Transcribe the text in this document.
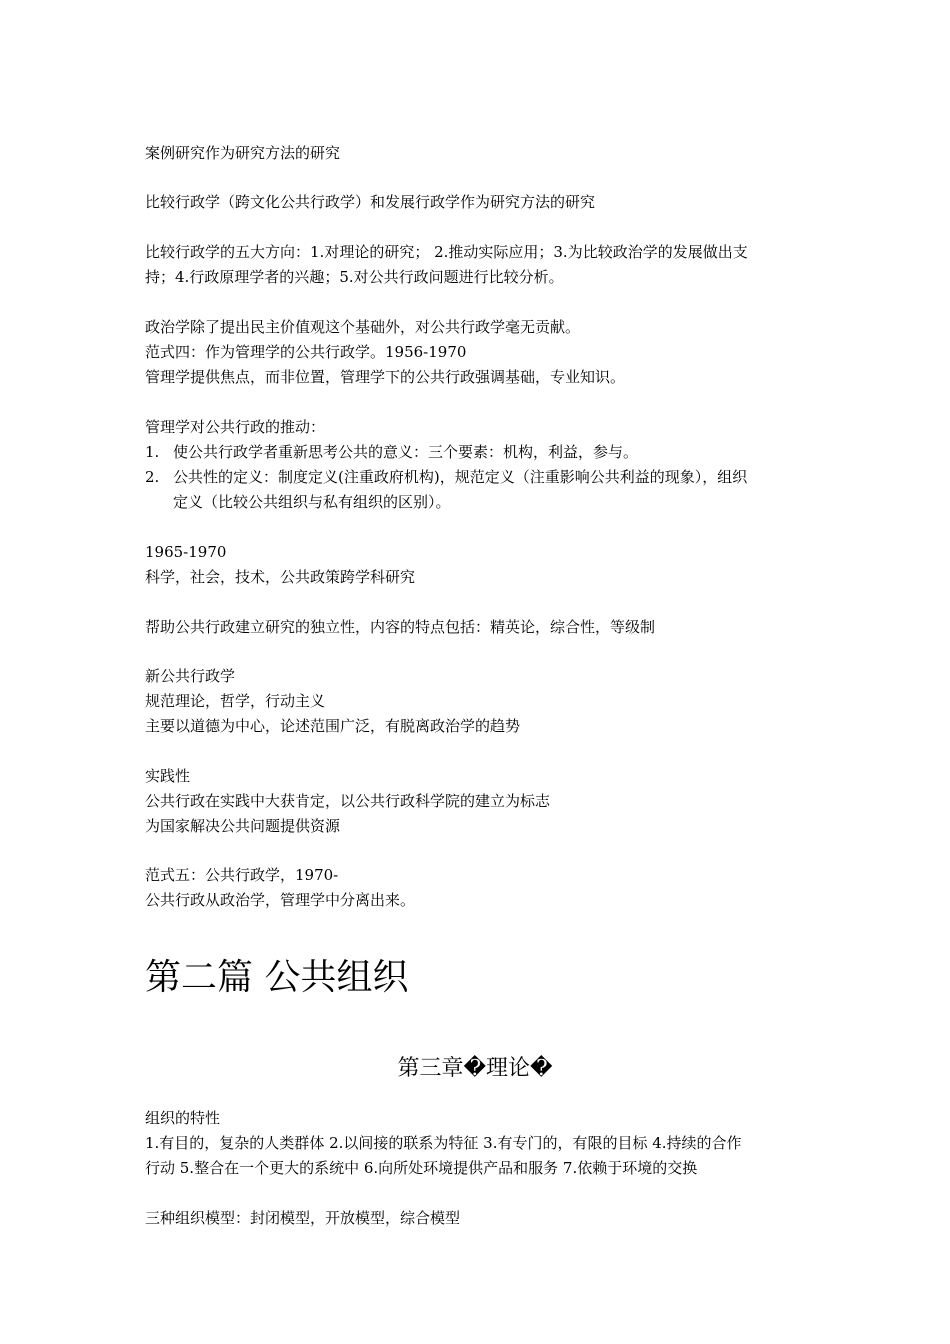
案例研究作为研究方法的研究
比较行政学（跨文化公共行政学）和发展行政学作为研究方法的研究
比较行政学的五大方向：1.对理论的研究； 2.推动实际应用；3.为比较政治学的发展做出支
持；4.行政原理学者的兴趣；5.对公共行政问题进行比较分析。
政治学除了提出民主价值观这个基础外，对公共行政学毫无贡献。
范式四：作为管理学的公共行政学。1956-1970
管理学提供焦点，而非位置，管理学下的公共行政强调基础，专业知识。
管理学对公共行政的推动：
1. 使公共行政学者重新思考公共的意义：三个要素：机构，利益，参与。
2. 公共性的定义：制度定义(注重政府机构)，规范定义（注重影响公共利益的现象），组织
定义（比较公共组织与私有组织的区别）。
1965-1970
科学，社会，技术，公共政策跨学科研究
帮助公共行政建立研究的独立性，内容的特点包括：精英论，综合性，等级制
新公共行政学
规范理论，哲学，行动主义
主要以道德为中心，论述范围广泛，有脱离政治学的趋势
实践性
公共行政在实践中大获肯定，以公共行政科学院的建立为标志
为国家解决公共问题提供资源
范式五：公共行政学，1970-
公共行政从政治学，管理学中分离出来。
第二篇 公共组织
第三章�理论�
组织的特性
1.有目的，复杂的人类群体 2.以间接的联系为特征 3.有专门的，有限的目标 4.持续的合作
行动 5.整合在一个更大的系统中 6.向所处环境提供产品和服务 7.依赖于环境的交换
三种组织模型：封闭模型，开放模型，综合模型
